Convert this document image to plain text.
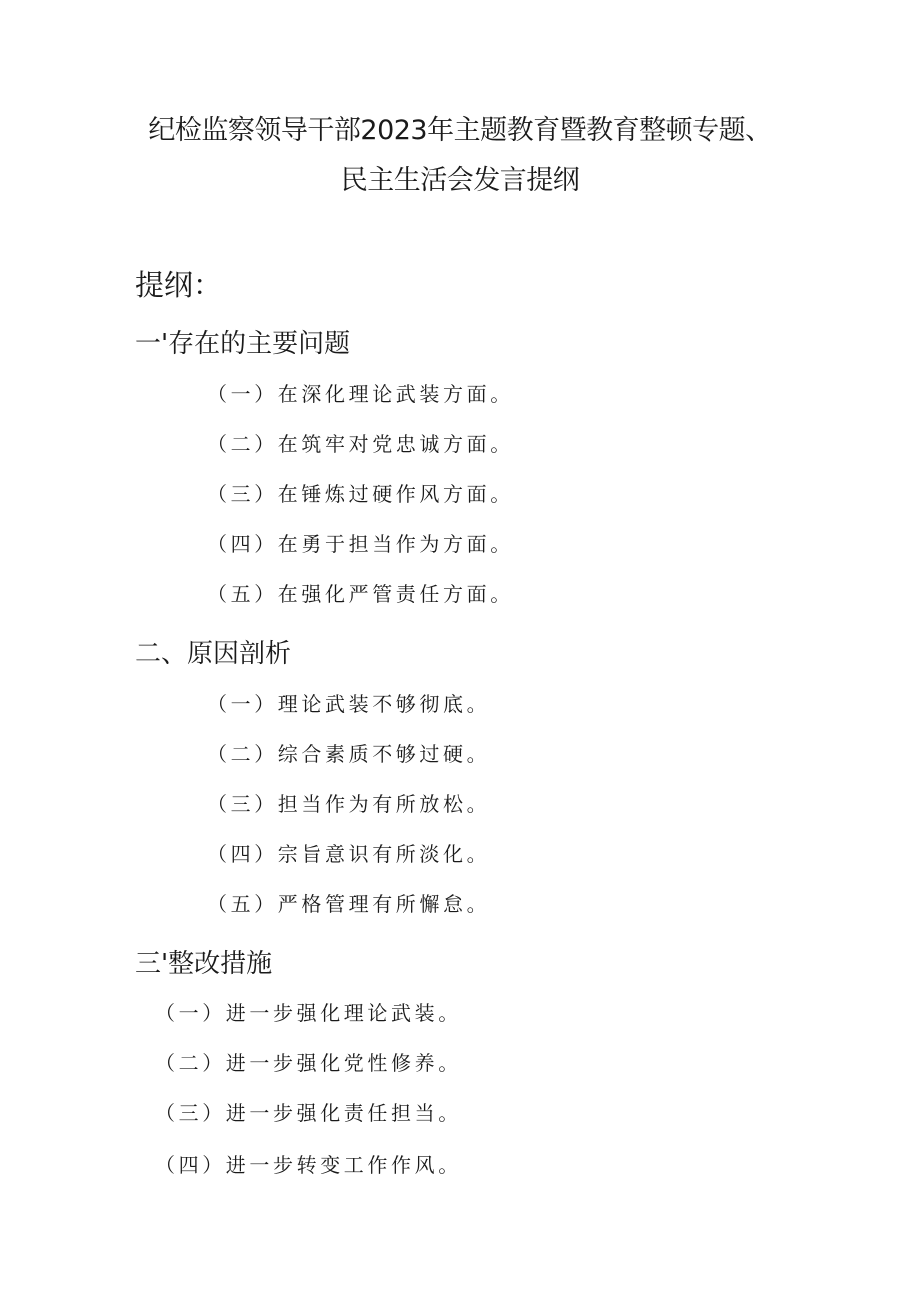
纪检监察领导干部2023年主题教育暨教育整顿专题、
民主生活会发言提纲
提纲：
一'存在的主要问题
（一）在深化理论武装方面。
（二）在筑牢对党忠诚方面。
（三）在锤炼过硬作风方面。
（四）在勇于担当作为方面。
（五）在强化严管责任方面。
二、原因剖析
（一）理论武装不够彻底。
（二）综合素质不够过硬。
（三）担当作为有所放松。
（四）宗旨意识有所淡化。
（五）严格管理有所懈怠。
三'整改措施
（一）进一步强化理论武装。
（二）进一步强化党性修养。
（三）进一步强化责任担当。
（四）进一步转变工作作风。
